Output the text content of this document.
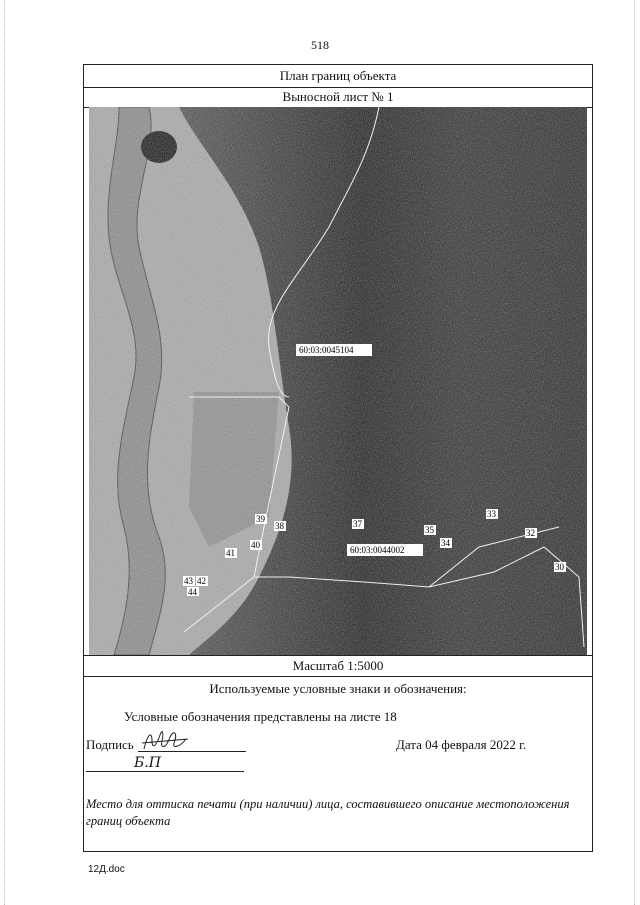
518
План границ объекта
Выносной лист № 1
60:03:0045104
60:03:0044002
39
38	37
35
34
33
32
30
40
41
43 42
44
Масштаб 1:5000
Используемые условные знаки и обозначения:
Условные обозначения представлены на листе 18
Подпись	Дата 04 февраля 2022 г.
Б.П
Место для оттиска печати (при наличии) лица, составившего описание местоположения границ объекта
12Д.doc
